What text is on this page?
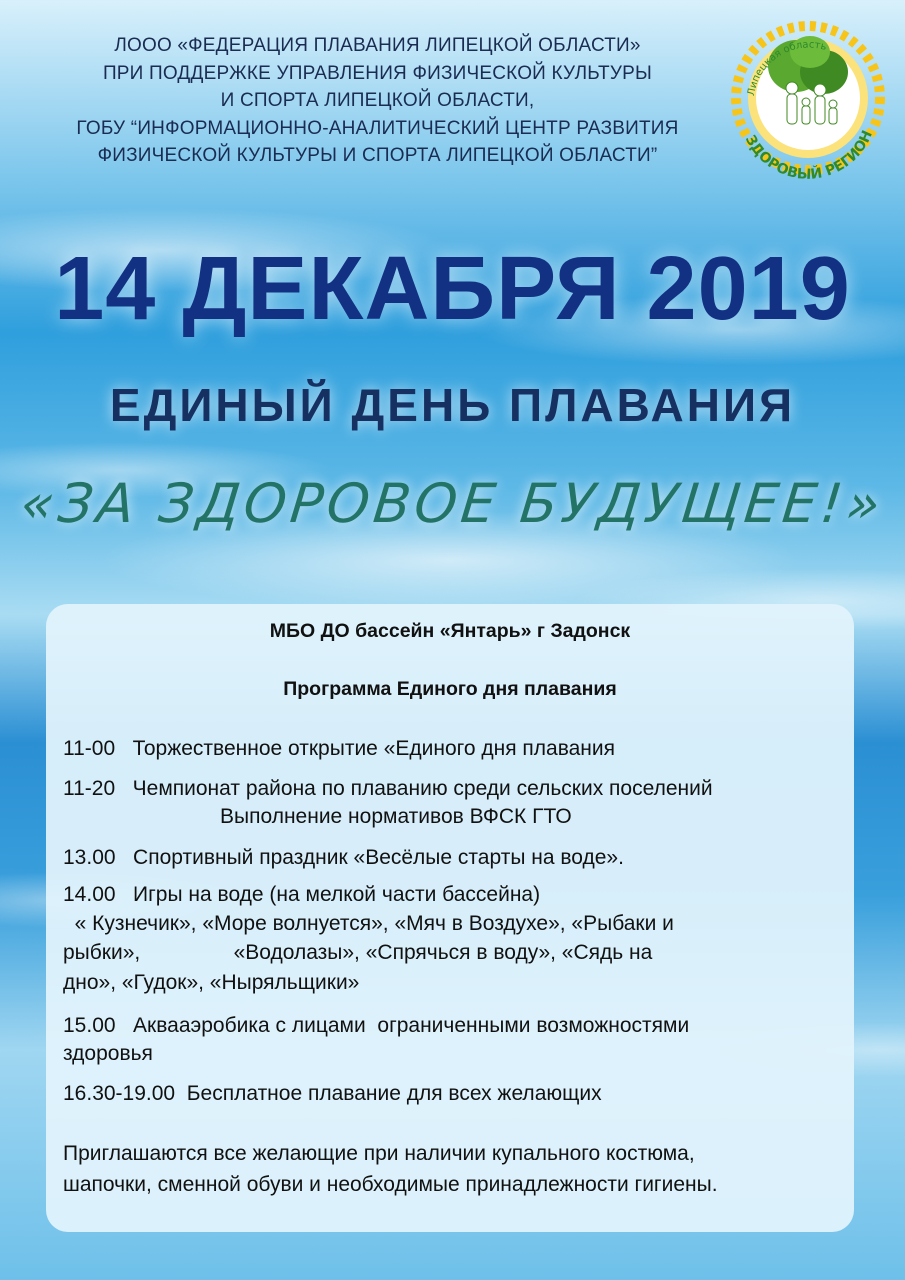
ЛООО «ФЕДЕРАЦИЯ ПЛАВАНИЯ ЛИПЕЦКОЙ ОБЛАСТИ»
ПРИ ПОДДЕРЖКЕ УПРАВЛЕНИЯ ФИЗИЧЕСКОЙ КУЛЬТУРЫ
И СПОРТА ЛИПЕЦКОЙ ОБЛАСТИ,
ГОБУ “ИНФОРМАЦИОННО-АНАЛИТИЧЕСКИЙ ЦЕНТР РАЗВИТИЯ
ФИЗИЧЕСКОЙ КУЛЬТУРЫ И СПОРТА ЛИПЕЦКОЙ ОБЛАСТИ”
Липецкая область
ЗДОРОВЫЙ РЕГИОН
14 ДЕКАБРЯ 2019
ЕДИНЫЙ ДЕНЬ ПЛАВАНИЯ
«ЗА ЗДОРОВОЕ БУДУЩЕЕ!»
МБО ДО бассейн «Янтарь» г Задонск
Программа Единого дня плавания
11-00   Торжественное открытие «Единого дня плавания
11-20   Чемпионат района по плаванию среди сельских поселений
Выполнение нормативов ВФСК ГТО
13.00   Спортивный праздник «Весёлые старты на воде».
14.00   Игры на воде (на мелкой части бассейна)
« Кузнечик», «Море волнуется», «Мяч в Воздухе», «Рыбаки и
рыбки»,                «Водолазы», «Спрячься в воду», «Сядь на
дно», «Гудок», «Ныряльщики»
15.00   Аквааэробика с лицами  ограниченными возможностями
здоровья
16.30-19.00  Бесплатное плавание для всех желающих
Приглашаются все желающие при наличии купального костюма,
шапочки, сменной обуви и необходимые принадлежности гигиены.
